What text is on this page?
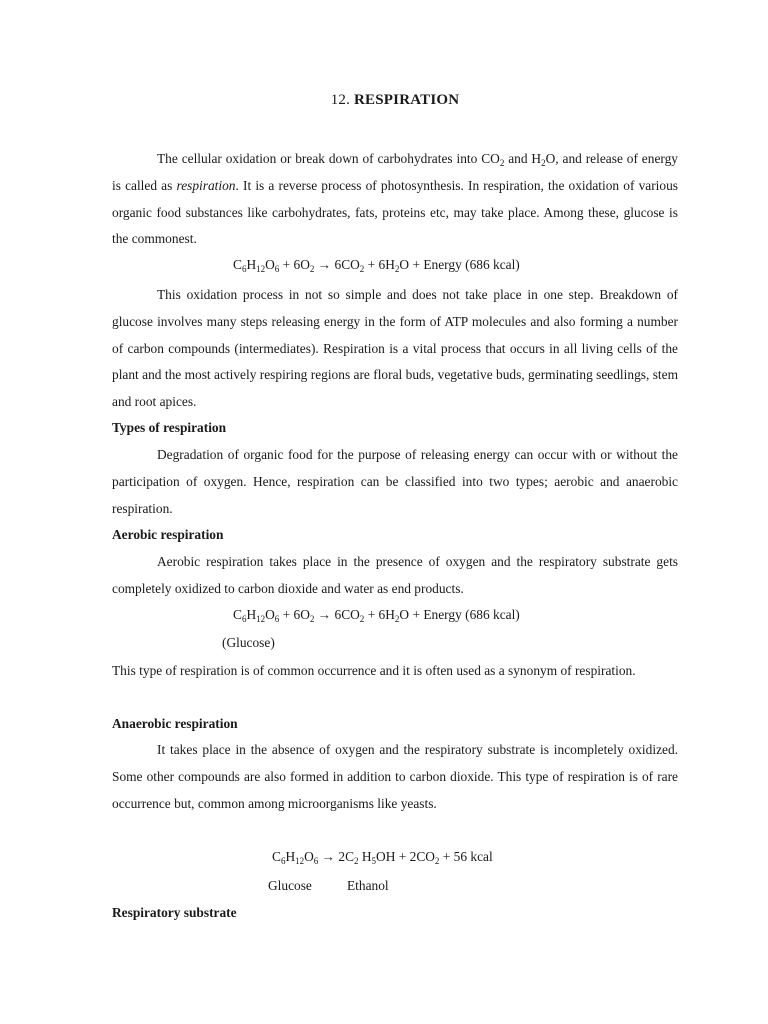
12. RESPIRATION

The cellular oxidation or break down of carbohydrates into $CO_2$ and $H_2O$, and release of energy is called as respiration. It is a reverse process of photosynthesis. In respiration, the oxidation of various organic food substances like carbohydrates, fats, proteins etc, may take place. Among these, glucose is the commonest.

$C_6H_{12}O_6 + 6O_2 \to 6CO_2 + 6H_2O$ + Energy (686 kcal)

This oxidation process in not so simple and does not take place in one step. Breakdown of glucose involves many steps releasing energy in the form of ATP molecules and also forming a number of carbon compounds (intermediates). Respiration is a vital process that occurs in all living cells of the plant and the most actively respiring regions are floral buds, vegetative buds, germinating seedlings, stem and root apices.

Types of respiration

Degradation of organic food for the purpose of releasing energy can occur with or without the participation of oxygen. Hence, respiration can be classified into two types; aerobic and anaerobic respiration.

Aerobic respiration

Aerobic respiration takes place in the presence of oxygen and the respiratory substrate gets completely oxidized to carbon dioxide and water as end products.

$C_6H_{12}O_6 + 6O_2 \to 6CO_2 + 6H_2O$ + Energy (686 kcal)
(Glucose)

This type of respiration is of common occurrence and it is often used as a synonym of respiration.

Anaerobic respiration

It takes place in the absence of oxygen and the respiratory substrate is incompletely oxidized. Some other compounds are also formed in addition to carbon dioxide. This type of respiration is of rare occurrence but, common among microorganisms like yeasts.

$C_6H_{12}O_6 \to 2C_2$ $H_5OH + 2CO_2 + 56$ kcal
Glucose	Ethanol

Respiratory substrate
